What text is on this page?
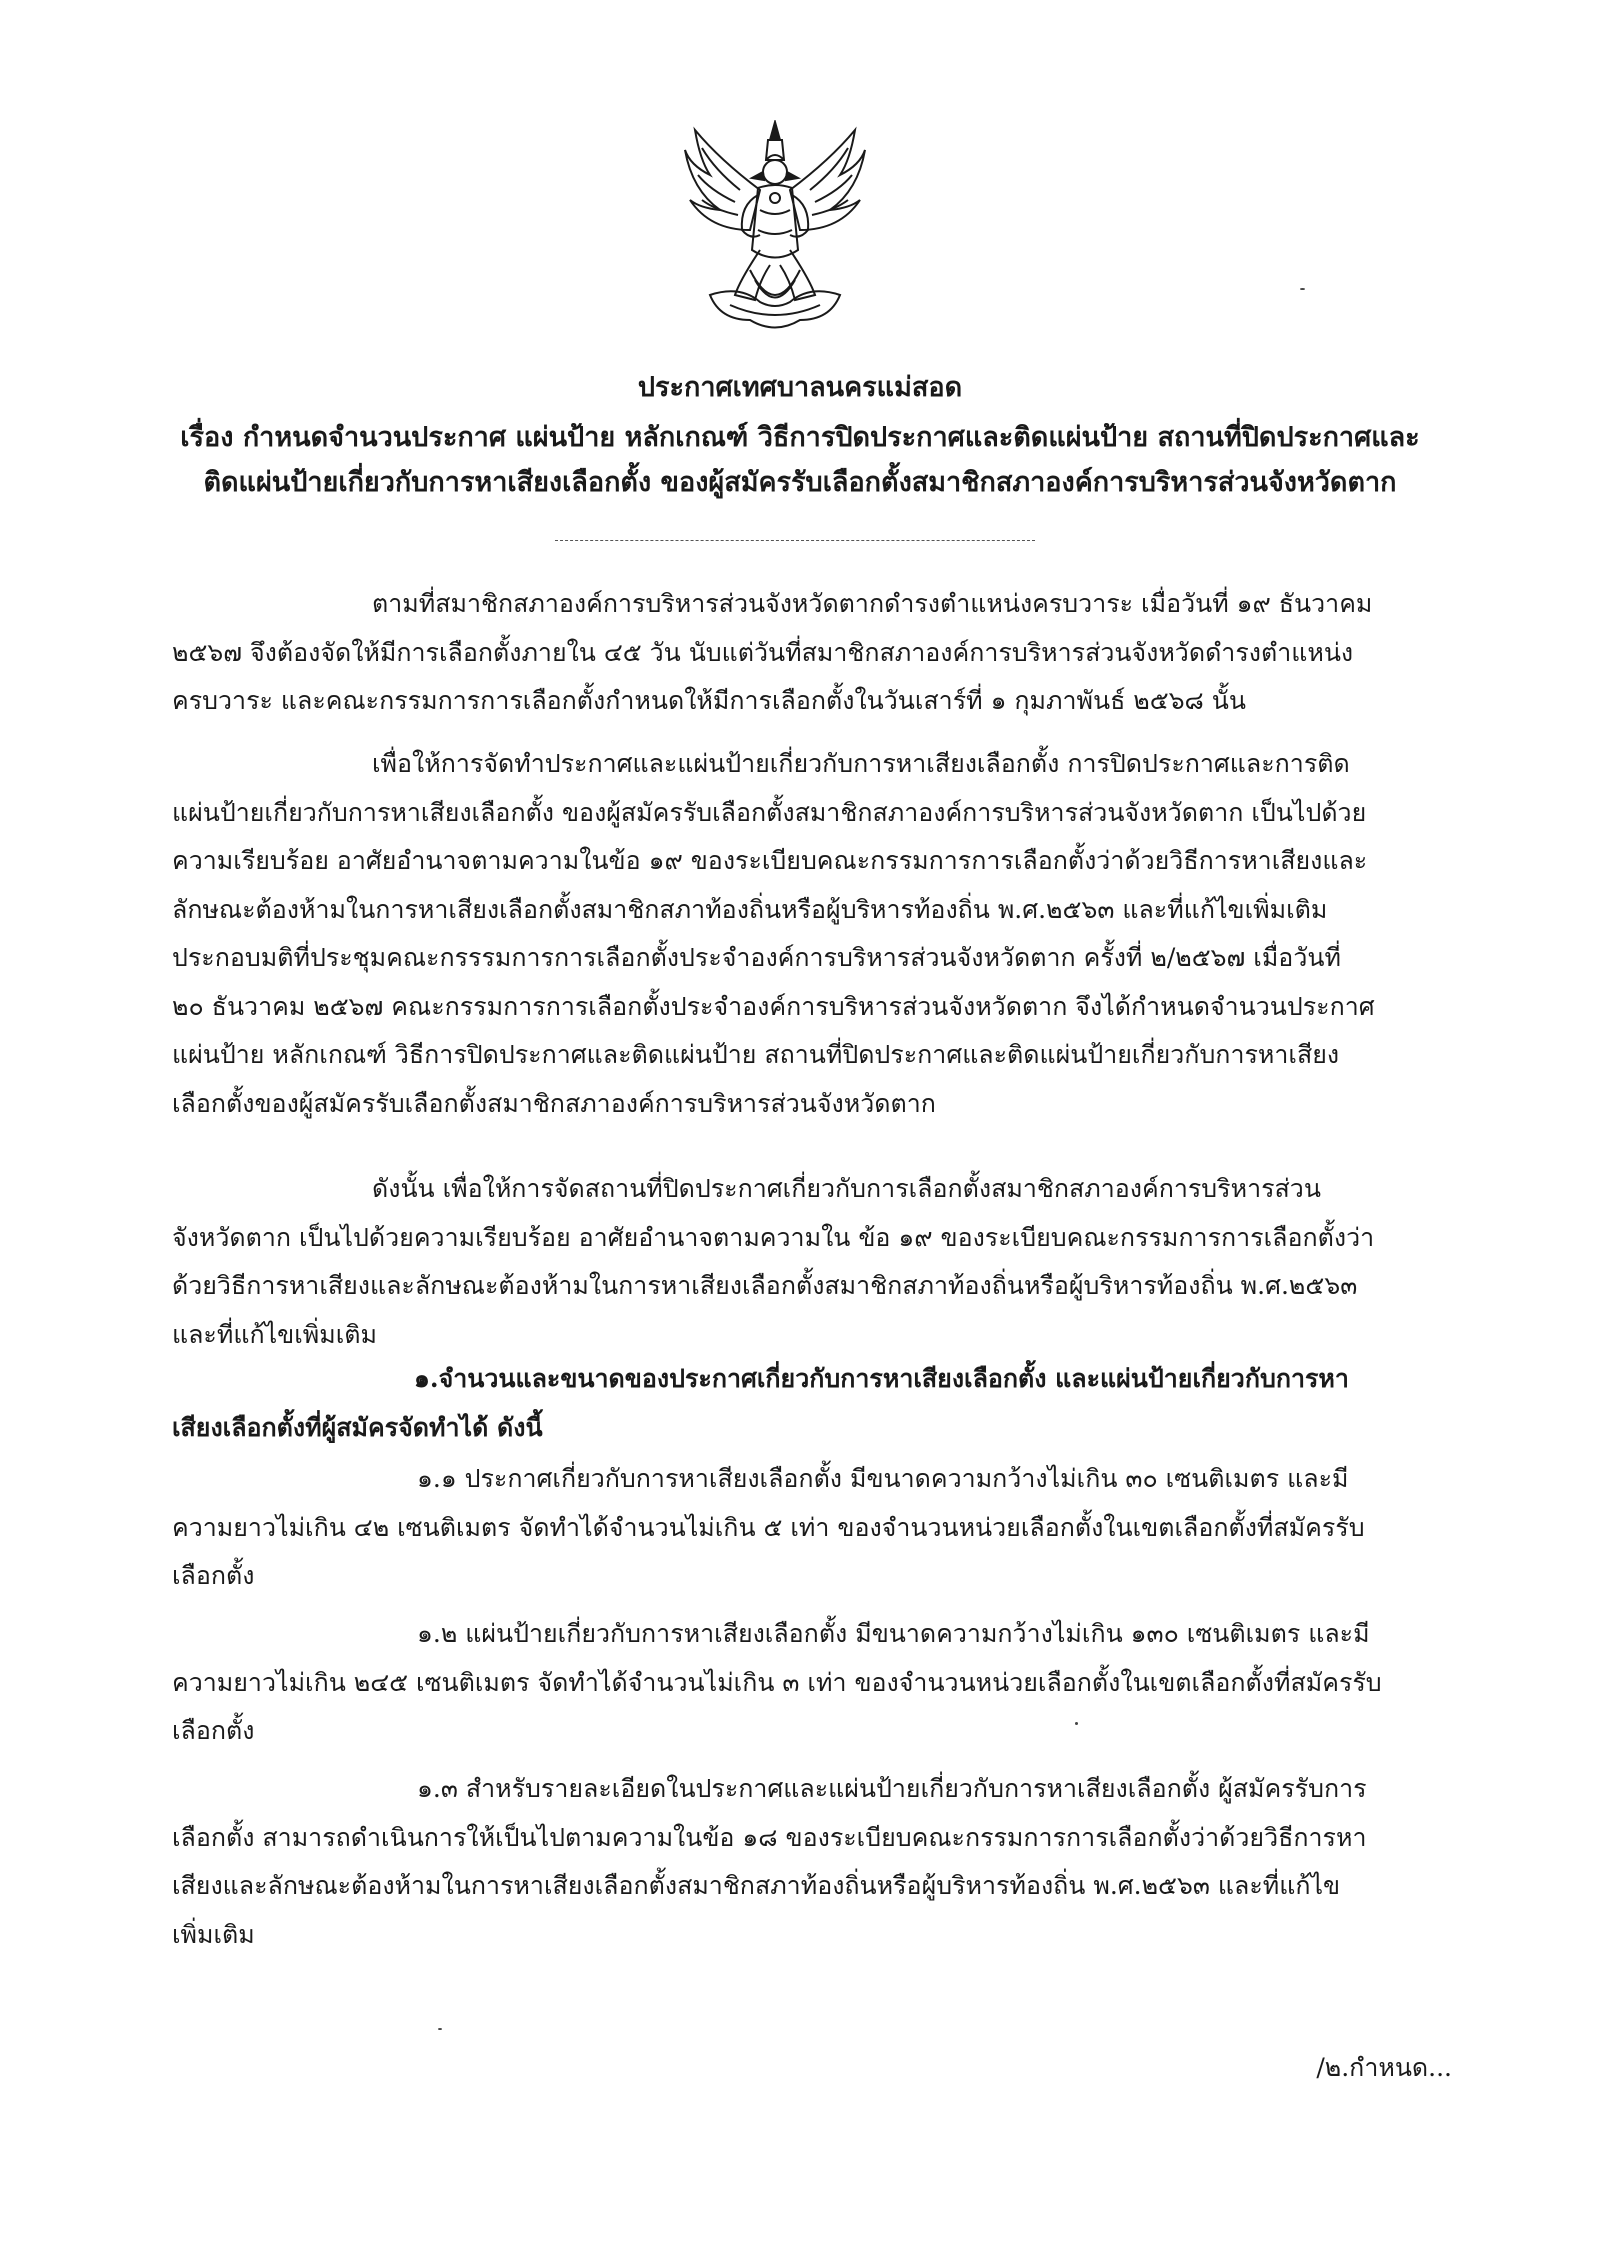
ประกาศเทศบาลนครแม่สอด
เรื่อง กำหนดจำนวนประกาศ แผ่นป้าย หลักเกณฑ์ วิธีการปิดประกาศและติดแผ่นป้าย สถานที่ปิดประกาศและ
ติดแผ่นป้ายเกี่ยวกับการหาเสียงเลือกตั้ง ของผู้สมัครรับเลือกตั้งสมาชิกสภาองค์การบริหารส่วนจังหวัดตาก
ตามที่สมาชิกสภาองค์การบริหารส่วนจังหวัดตากดำรงตำแหน่งครบวาระ เมื่อวันที่ ๑๙ ธันวาคม
๒๕๖๗ จึงต้องจัดให้มีการเลือกตั้งภายใน ๔๕ วัน นับแต่วันที่สมาชิกสภาองค์การบริหารส่วนจังหวัดดำรงตำแหน่ง
ครบวาระ และคณะกรรมการการเลือกตั้งกำหนดให้มีการเลือกตั้งในวันเสาร์ที่ ๑ กุมภาพันธ์ ๒๕๖๘ นั้น
เพื่อให้การจัดทำประกาศและแผ่นป้ายเกี่ยวกับการหาเสียงเลือกตั้ง การปิดประกาศและการติด
แผ่นป้ายเกี่ยวกับการหาเสียงเลือกตั้ง ของผู้สมัครรับเลือกตั้งสมาชิกสภาองค์การบริหารส่วนจังหวัดตาก เป็นไปด้วย
ความเรียบร้อย อาศัยอำนาจตามความในข้อ ๑๙ ของระเบียบคณะกรรมการการเลือกตั้งว่าด้วยวิธีการหาเสียงและ
ลักษณะต้องห้ามในการหาเสียงเลือกตั้งสมาชิกสภาท้องถิ่นหรือผู้บริหารท้องถิ่น พ.ศ.๒๕๖๓ และที่แก้ไขเพิ่มเติม
ประกอบมติที่ประชุมคณะกรรรมการการเลือกตั้งประจำองค์การบริหารส่วนจังหวัดตาก ครั้งที่ ๒/๒๕๖๗ เมื่อวันที่
๒๐ ธันวาคม ๒๕๖๗ คณะกรรมการการเลือกตั้งประจำองค์การบริหารส่วนจังหวัดตาก จึงได้กำหนดจำนวนประกาศ
แผ่นป้าย หลักเกณฑ์ วิธีการปิดประกาศและติดแผ่นป้าย สถานที่ปิดประกาศและติดแผ่นป้ายเกี่ยวกับการหาเสียง
เลือกตั้งของผู้สมัครรับเลือกตั้งสมาชิกสภาองค์การบริหารส่วนจังหวัดตาก
ดังนั้น เพื่อให้การจัดสถานที่ปิดประกาศเกี่ยวกับการเลือกตั้งสมาชิกสภาองค์การบริหารส่วน
จังหวัดตาก เป็นไปด้วยความเรียบร้อย อาศัยอำนาจตามความใน ข้อ ๑๙ ของระเบียบคณะกรรมการการเลือกตั้งว่า
ด้วยวิธีการหาเสียงและลักษณะต้องห้ามในการหาเสียงเลือกตั้งสมาชิกสภาท้องถิ่นหรือผู้บริหารท้องถิ่น พ.ศ.๒๕๖๓
และที่แก้ไขเพิ่มเติม
๑.จำนวนและขนาดของประกาศเกี่ยวกับการหาเสียงเลือกตั้ง และแผ่นป้ายเกี่ยวกับการหา
เสียงเลือกตั้งที่ผู้สมัครจัดทำได้ ดังนี้
๑.๑ ประกาศเกี่ยวกับการหาเสียงเลือกตั้ง มีขนาดความกว้างไม่เกิน ๓๐ เซนติเมตร และมี
ความยาวไม่เกิน ๔๒ เซนติเมตร จัดทำได้จำนวนไม่เกิน ๕ เท่า ของจำนวนหน่วยเลือกตั้งในเขตเลือกตั้งที่สมัครรับ
เลือกตั้ง
๑.๒ แผ่นป้ายเกี่ยวกับการหาเสียงเลือกตั้ง มีขนาดความกว้างไม่เกิน ๑๓๐ เซนติเมตร และมี
ความยาวไม่เกิน ๒๔๕ เซนติเมตร จัดทำได้จำนวนไม่เกิน ๓ เท่า ของจำนวนหน่วยเลือกตั้งในเขตเลือกตั้งที่สมัครรับ
เลือกตั้ง
๑.๓ สำหรับรายละเอียดในประกาศและแผ่นป้ายเกี่ยวกับการหาเสียงเลือกตั้ง ผู้สมัครรับการ
เลือกตั้ง สามารถดำเนินการให้เป็นไปตามความในข้อ ๑๘ ของระเบียบคณะกรรมการการเลือกตั้งว่าด้วยวิธีการหา
เสียงและลักษณะต้องห้ามในการหาเสียงเลือกตั้งสมาชิกสภาท้องถิ่นหรือผู้บริหารท้องถิ่น พ.ศ.๒๕๖๓ และที่แก้ไข
เพิ่มเติม
/๒.กำหนด...
